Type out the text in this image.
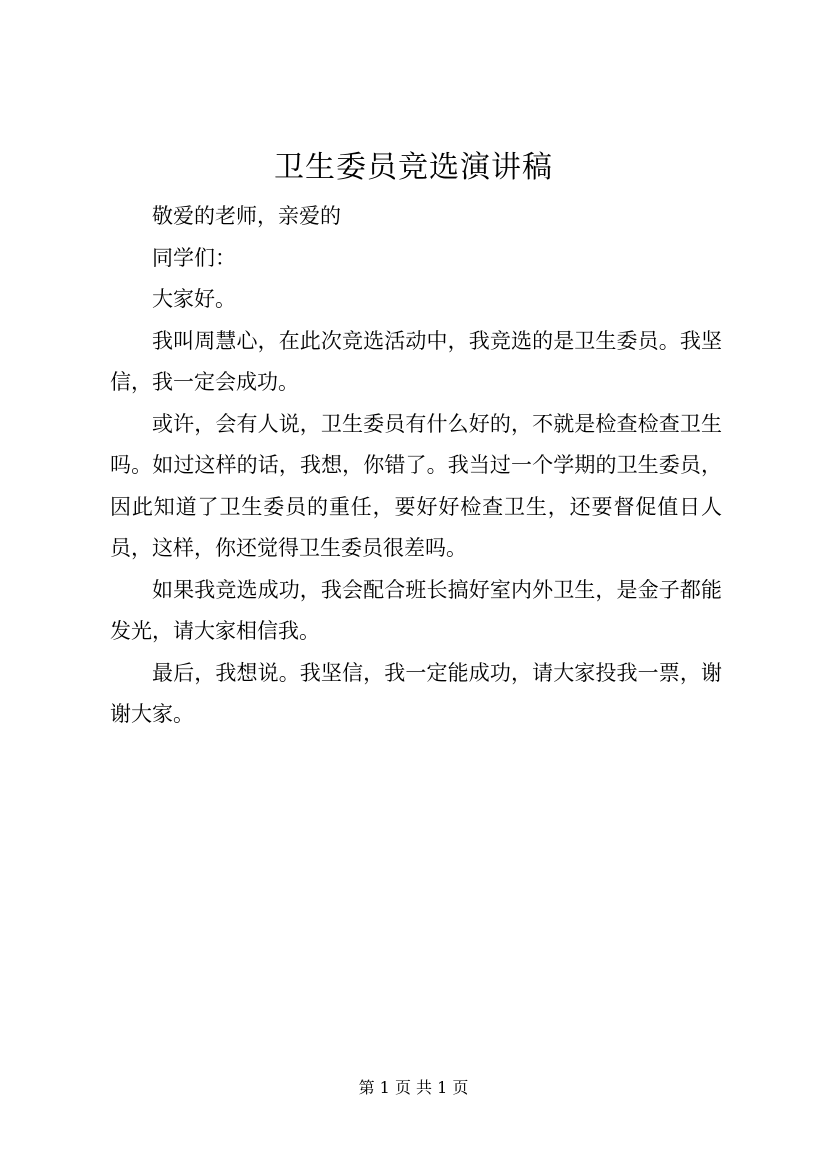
卫生委员竞选演讲稿

敬爱的老师，亲爱的

同学们：

大家好。

我叫周慧心，在此次竞选活动中，我竞选的是卫生委员。我坚信，我一定会成功。

或许，会有人说，卫生委员有什么好的，不就是检查检查卫生吗。如过这样的话，我想，你错了。我当过一个学期的卫生委员，因此知道了卫生委员的重任，要好好检查卫生，还要督促值日人员，这样，你还觉得卫生委员很差吗。

如果我竞选成功，我会配合班长搞好室内外卫生，是金子都能发光，请大家相信我。

最后，我想说。我坚信，我一定能成功，请大家投我一票，谢谢大家。

第 1 页 共 1 页
